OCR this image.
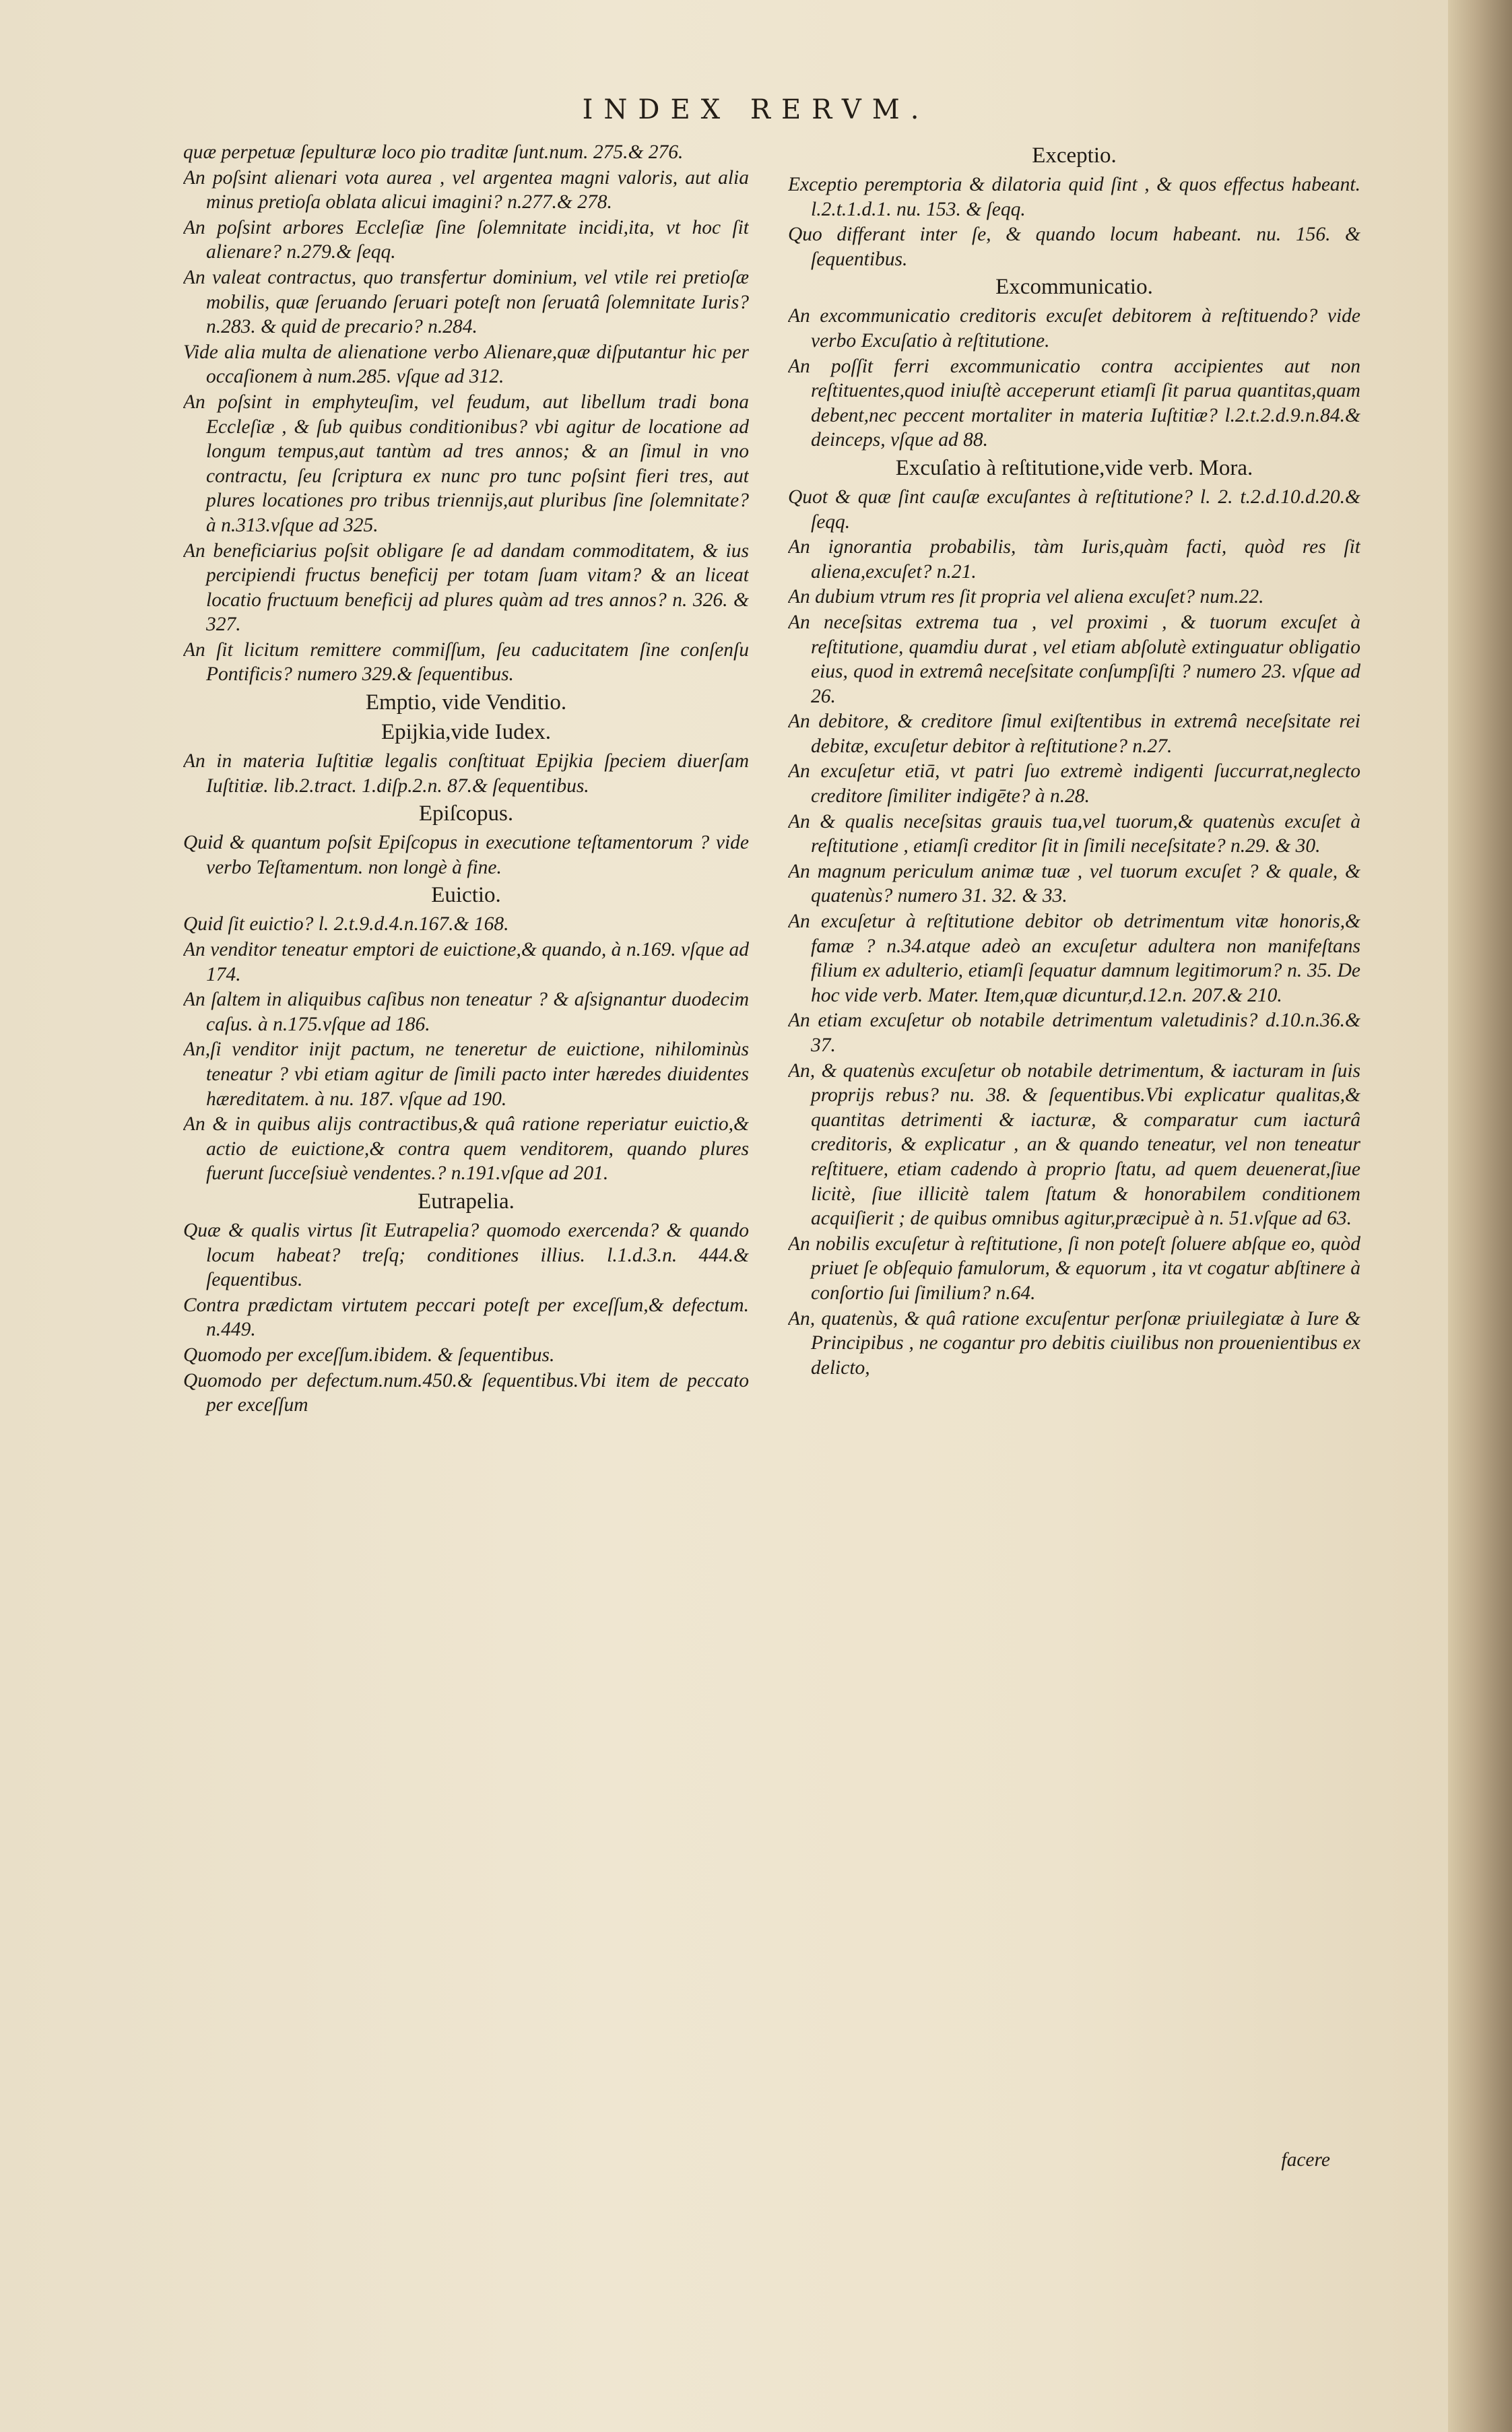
INDEX RERVM.
quæ perpetuæ ſepulturæ loco pio traditæ ſunt.num. 275.& 276.
An poſsint alienari vota aurea , vel argentea magni valoris, aut alia minus pretioſa oblata alicui imagini? n.277.& 278.
An poſsint arbores Eccleſiæ ſine ſolemnitate incidi,ita, vt hoc ſit alienare? n.279.& ſeqq.
An valeat contractus, quo transfertur dominium, vel vtile rei pretioſæ mobilis, quæ ſeruando ſeruari poteſt non ſeruatâ ſolemnitate Iuris? n.283. & quid de precario? n.284.
Vide alia multa de alienatione verbo Alienare,quæ diſputantur hic per occaſionem à num.285. vſque ad 312.
An poſsint in emphyteuſim, vel feudum, aut libellum tradi bona Eccleſiæ , & ſub quibus conditionibus? vbi agitur de locatione ad longum tempus,aut tantùm ad tres annos; & an ſimul in vno contractu, ſeu ſcriptura ex nunc pro tunc poſsint fieri tres, aut plures locationes pro tribus triennijs,aut pluribus ſine ſolemnitate? à n.313.vſque ad 325.
An beneficiarius poſsit obligare ſe ad dandam commoditatem, & ius percipiendi fructus beneficij per totam ſuam vitam? & an liceat locatio fructuum beneficij ad plures quàm ad tres annos? n. 326. & 327.
An ſit licitum remittere commiſſum, ſeu caducitatem ſine conſenſu Pontificis? numero 329.& ſequentibus.
Emptio, vide Venditio.
Epijkia,vide Iudex.
An in materia Iuſtitiæ legalis conſtituat Epijkia ſpeciem diuerſam Iuſtitiæ. lib.2.tract. 1.diſp.2.n. 87.& ſequentibus.
Epiſcopus.
Quid & quantum poſsit Epiſcopus in executione teſtamentorum ? vide verbo Teſtamentum. non longè à fine.
Euictio.
Quid ſit euictio? l. 2.t.9.d.4.n.167.& 168.
An venditor teneatur emptori de euictione,& quando, à n.169. vſque ad 174.
An ſaltem in aliquibus caſibus non teneatur ? & aſsignantur duodecim caſus. à n.175.vſque ad 186.
An,ſi venditor inijt pactum, ne teneretur de euictione, nihilominùs teneatur ? vbi etiam agitur de ſimili pacto inter hæredes diuidentes hæreditatem. à nu. 187. vſque ad 190.
An & in quibus alijs contractibus,& quâ ratione reperiatur euictio,& actio de euictione,& contra quem venditorem, quando plures fuerunt ſucceſsiuè vendentes.? n.191.vſque ad 201.
Eutrapelia.
Quæ & qualis virtus ſit Eutrapelia? quomodo exercenda? & quando locum habeat? treſq; conditiones illius. l.1.d.3.n. 444.& ſequentibus.
Contra prædictam virtutem peccari poteſt per exceſſum,& defectum. n.449.
Quomodo per exceſſum.ibidem. & ſequentibus.
Quomodo per defectum.num.450.& ſequentibus.Vbi item de peccato per exceſſum
Exceptio.
Exceptio peremptoria & dilatoria quid ſint , & quos effectus habeant. l.2.t.1.d.1. nu. 153. & ſeqq.
Quo differant inter ſe, & quando locum habeant. nu. 156. & ſequentibus.
Excommunicatio.
An excommunicatio creditoris excuſet debitorem à reſtituendo? vide verbo Excuſatio à reſtitutione.
An poſſit ferri excommunicatio contra accipientes aut non reſtituentes,quod iniuſtè acceperunt etiamſi ſit parua quantitas,quam debent,nec peccent mortaliter in materia Iuſtitiæ? l.2.t.2.d.9.n.84.& deinceps, vſque ad 88.
Excuſatio à reſtitutione,vide verb. Mora.
Quot & quæ ſint cauſæ excuſantes à reſtitutione? l. 2. t.2.d.10.d.20.& ſeqq.
An ignorantia probabilis, tàm Iuris,quàm facti, quòd res ſit aliena,excuſet? n.21.
An dubium vtrum res ſit propria vel aliena excuſet? num.22.
An neceſsitas extrema tua , vel proximi , & tuorum excuſet à reſtitutione, quamdiu durat , vel etiam abſolutè extinguatur obligatio eius, quod in extremâ neceſsitate conſumpſiſti ? numero 23. vſque ad 26.
An debitore, & creditore ſimul exiſtentibus in extremâ neceſsitate rei debitæ, excuſetur debitor à reſtitutione? n.27.
An excuſetur etiā, vt patri ſuo extremè indigenti ſuccurrat,neglecto creditore ſimiliter indigēte? à n.28.
An & qualis neceſsitas grauis tua,vel tuorum,& quatenùs excuſet à reſtitutione , etiamſi creditor ſit in ſimili neceſsitate? n.29. & 30.
An magnum periculum animæ tuæ , vel tuorum excuſet ? & quale, & quatenùs? numero 31. 32. & 33.
An excuſetur à reſtitutione debitor ob detrimentum vitæ honoris,& famæ ? n.34.atque adeò an excuſetur adultera non manifeſtans filium ex adulterio, etiamſi ſequatur damnum legitimorum? n. 35. De hoc vide verb. Mater. Item,quæ dicuntur,d.12.n. 207.& 210.
An etiam excuſetur ob notabile detrimentum valetudinis? d.10.n.36.& 37.
An, & quatenùs excuſetur ob notabile detrimentum, & iacturam in ſuis proprijs rebus? nu. 38. & ſequentibus.Vbi explicatur qualitas,& quantitas detrimenti & iacturæ, & comparatur cum iacturâ creditoris, & explicatur , an & quando teneatur, vel non teneatur reſtituere, etiam cadendo à proprio ſtatu, ad quem deuenerat,ſiue licitè, ſiue illicitè talem ſtatum & honorabilem conditionem acquiſierit ; de quibus omnibus agitur,præcipuè à n. 51.vſque ad 63.
An nobilis excuſetur à reſtitutione, ſi non poteſt ſoluere abſque eo, quòd priuet ſe obſequio famulorum, & equorum , ita vt cogatur abſtinere à conſortio ſui ſimilium? n.64.
An, quatenùs, & quâ ratione excuſentur perſonæ priuilegiatæ à Iure & Principibus , ne cogantur pro debitis ciuilibus non prouenientibus ex delicto,
facere
